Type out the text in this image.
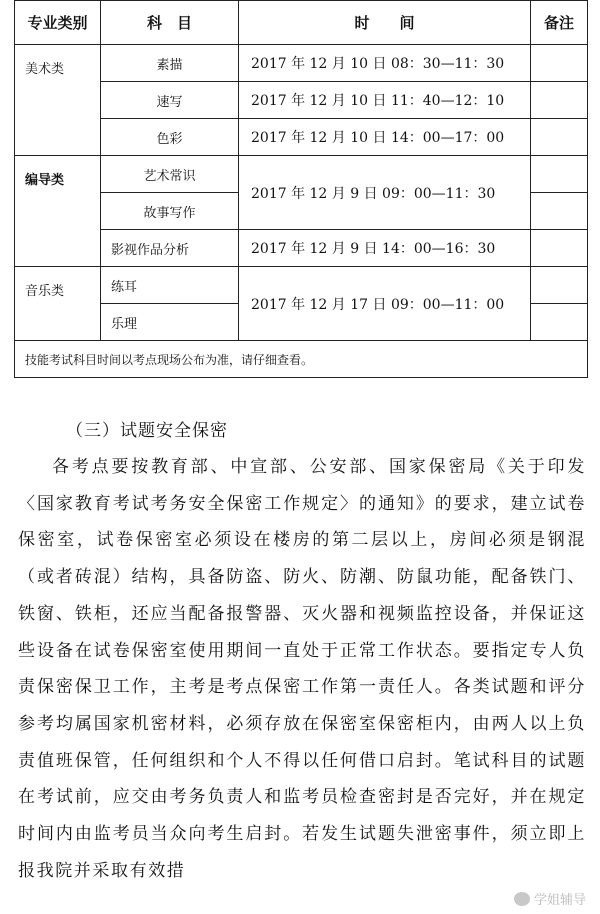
专业类别	科　目	时　　间	备注
美术类	素描	2017 年 12 月 10 日 08：30—11：30	
	速写	2017 年 12 月 10 日 11：40—12：10	
	色彩	2017 年 12 月 10 日 14：00—17：00	
编导类	艺术常识	2017 年 12 月 9 日 09：00—11：30	
	故事写作		
	影视作品分析	2017 年 12 月 9 日 14：00—16：30	
音乐类	练耳	2017 年 12 月 17 日 09：00—11：00	
	乐理		
技能考试科目时间以考点现场公布为准，请仔细查看。			
（三）试题安全保密

各考点要按教育部、中宣部、公安部、国家保密局《关于印发〈国家教育考试考务安全保密工作规定〉的通知》的要求，建立试卷保密室，试卷保密室必须设在楼房的第二层以上，房间必须是钢混（或者砖混）结构，具备防盗、防火、防潮、防鼠功能，配备铁门、铁窗、铁柜，还应当配备报警器、灭火器和视频监控设备，并保证这些设备在试卷保密室使用期间一直处于正常工作状态。要指定专人负责保密保卫工作，主考是考点保密工作第一责任人。各类试题和评分参考均属国家机密材料，必须存放在保密室保密柜内，由两人以上负责值班保管，任何组织和个人不得以任何借口启封。笔试科目的试题在考试前，应交由考务负责人和监考员检查密封是否完好，并在规定时间内由监考员当众向考生启封。若发生试题失泄密事件，须立即上报我院并采取有效措

学姐辅导
